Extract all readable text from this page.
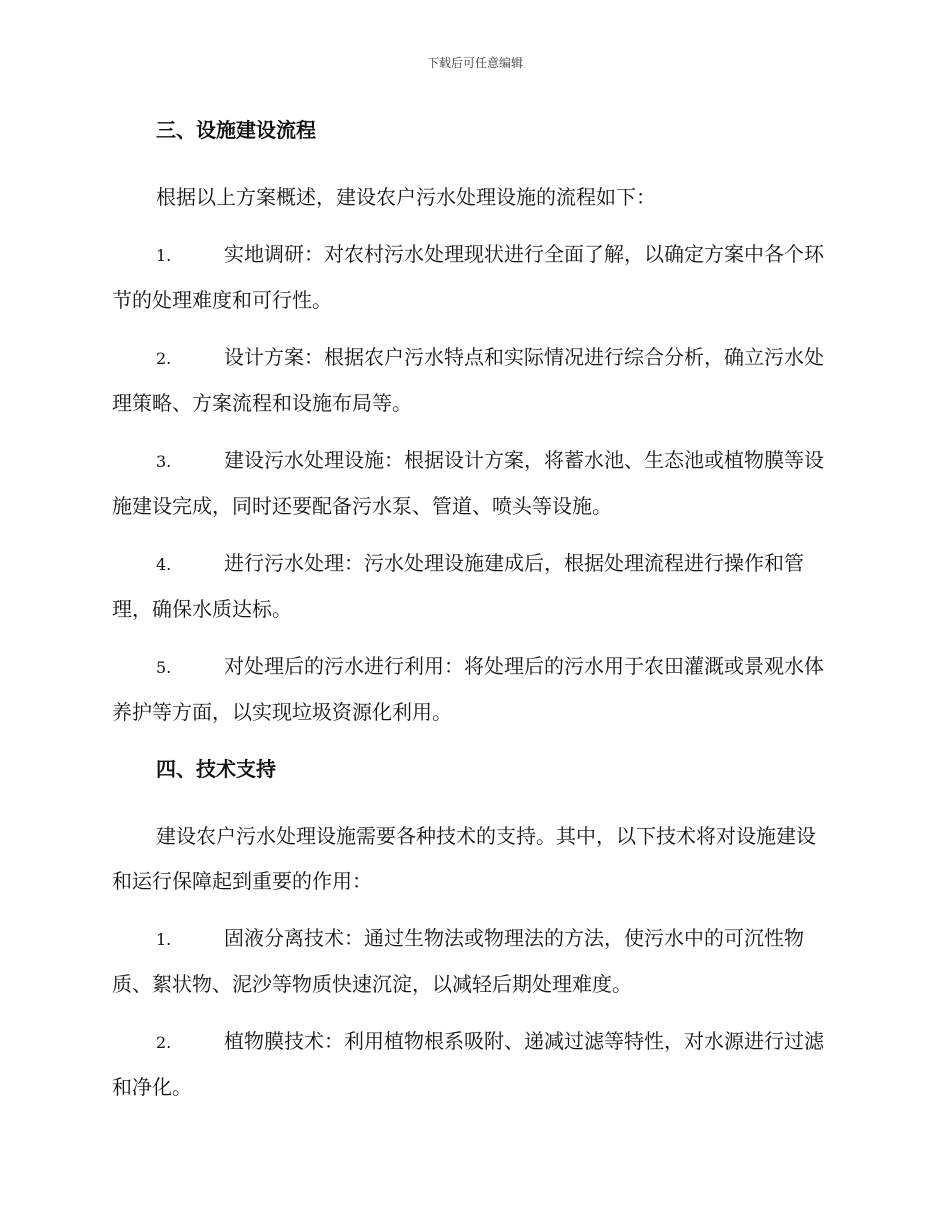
下载后可任意编辑
三、设施建设流程

根据以上方案概述，建设农户污水处理设施的流程如下：

1.	实地调研：对农村污水处理现状进行全面了解，以确定方案中各个环节的处理难度和可行性。

2.	设计方案：根据农户污水特点和实际情况进行综合分析，确立污水处理策略、方案流程和设施布局等。

3.	建设污水处理设施：根据设计方案，将蓄水池、生态池或植物膜等设施建设完成，同时还要配备污水泵、管道、喷头等设施。

4.	进行污水处理：污水处理设施建成后，根据处理流程进行操作和管理，确保水质达标。

5.	对处理后的污水进行利用：将处理后的污水用于农田灌溉或景观水体养护等方面，以实现垃圾资源化利用。

四、技术支持

建设农户污水处理设施需要各种技术的支持。其中，以下技术将对设施建设和运行保障起到重要的作用：

1.	固液分离技术：通过生物法或物理法的方法，使污水中的可沉性物质、絮状物、泥沙等物质快速沉淀，以减轻后期处理难度。

2.	植物膜技术：利用植物根系吸附、递减过滤等特性，对水源进行过滤和净化。
